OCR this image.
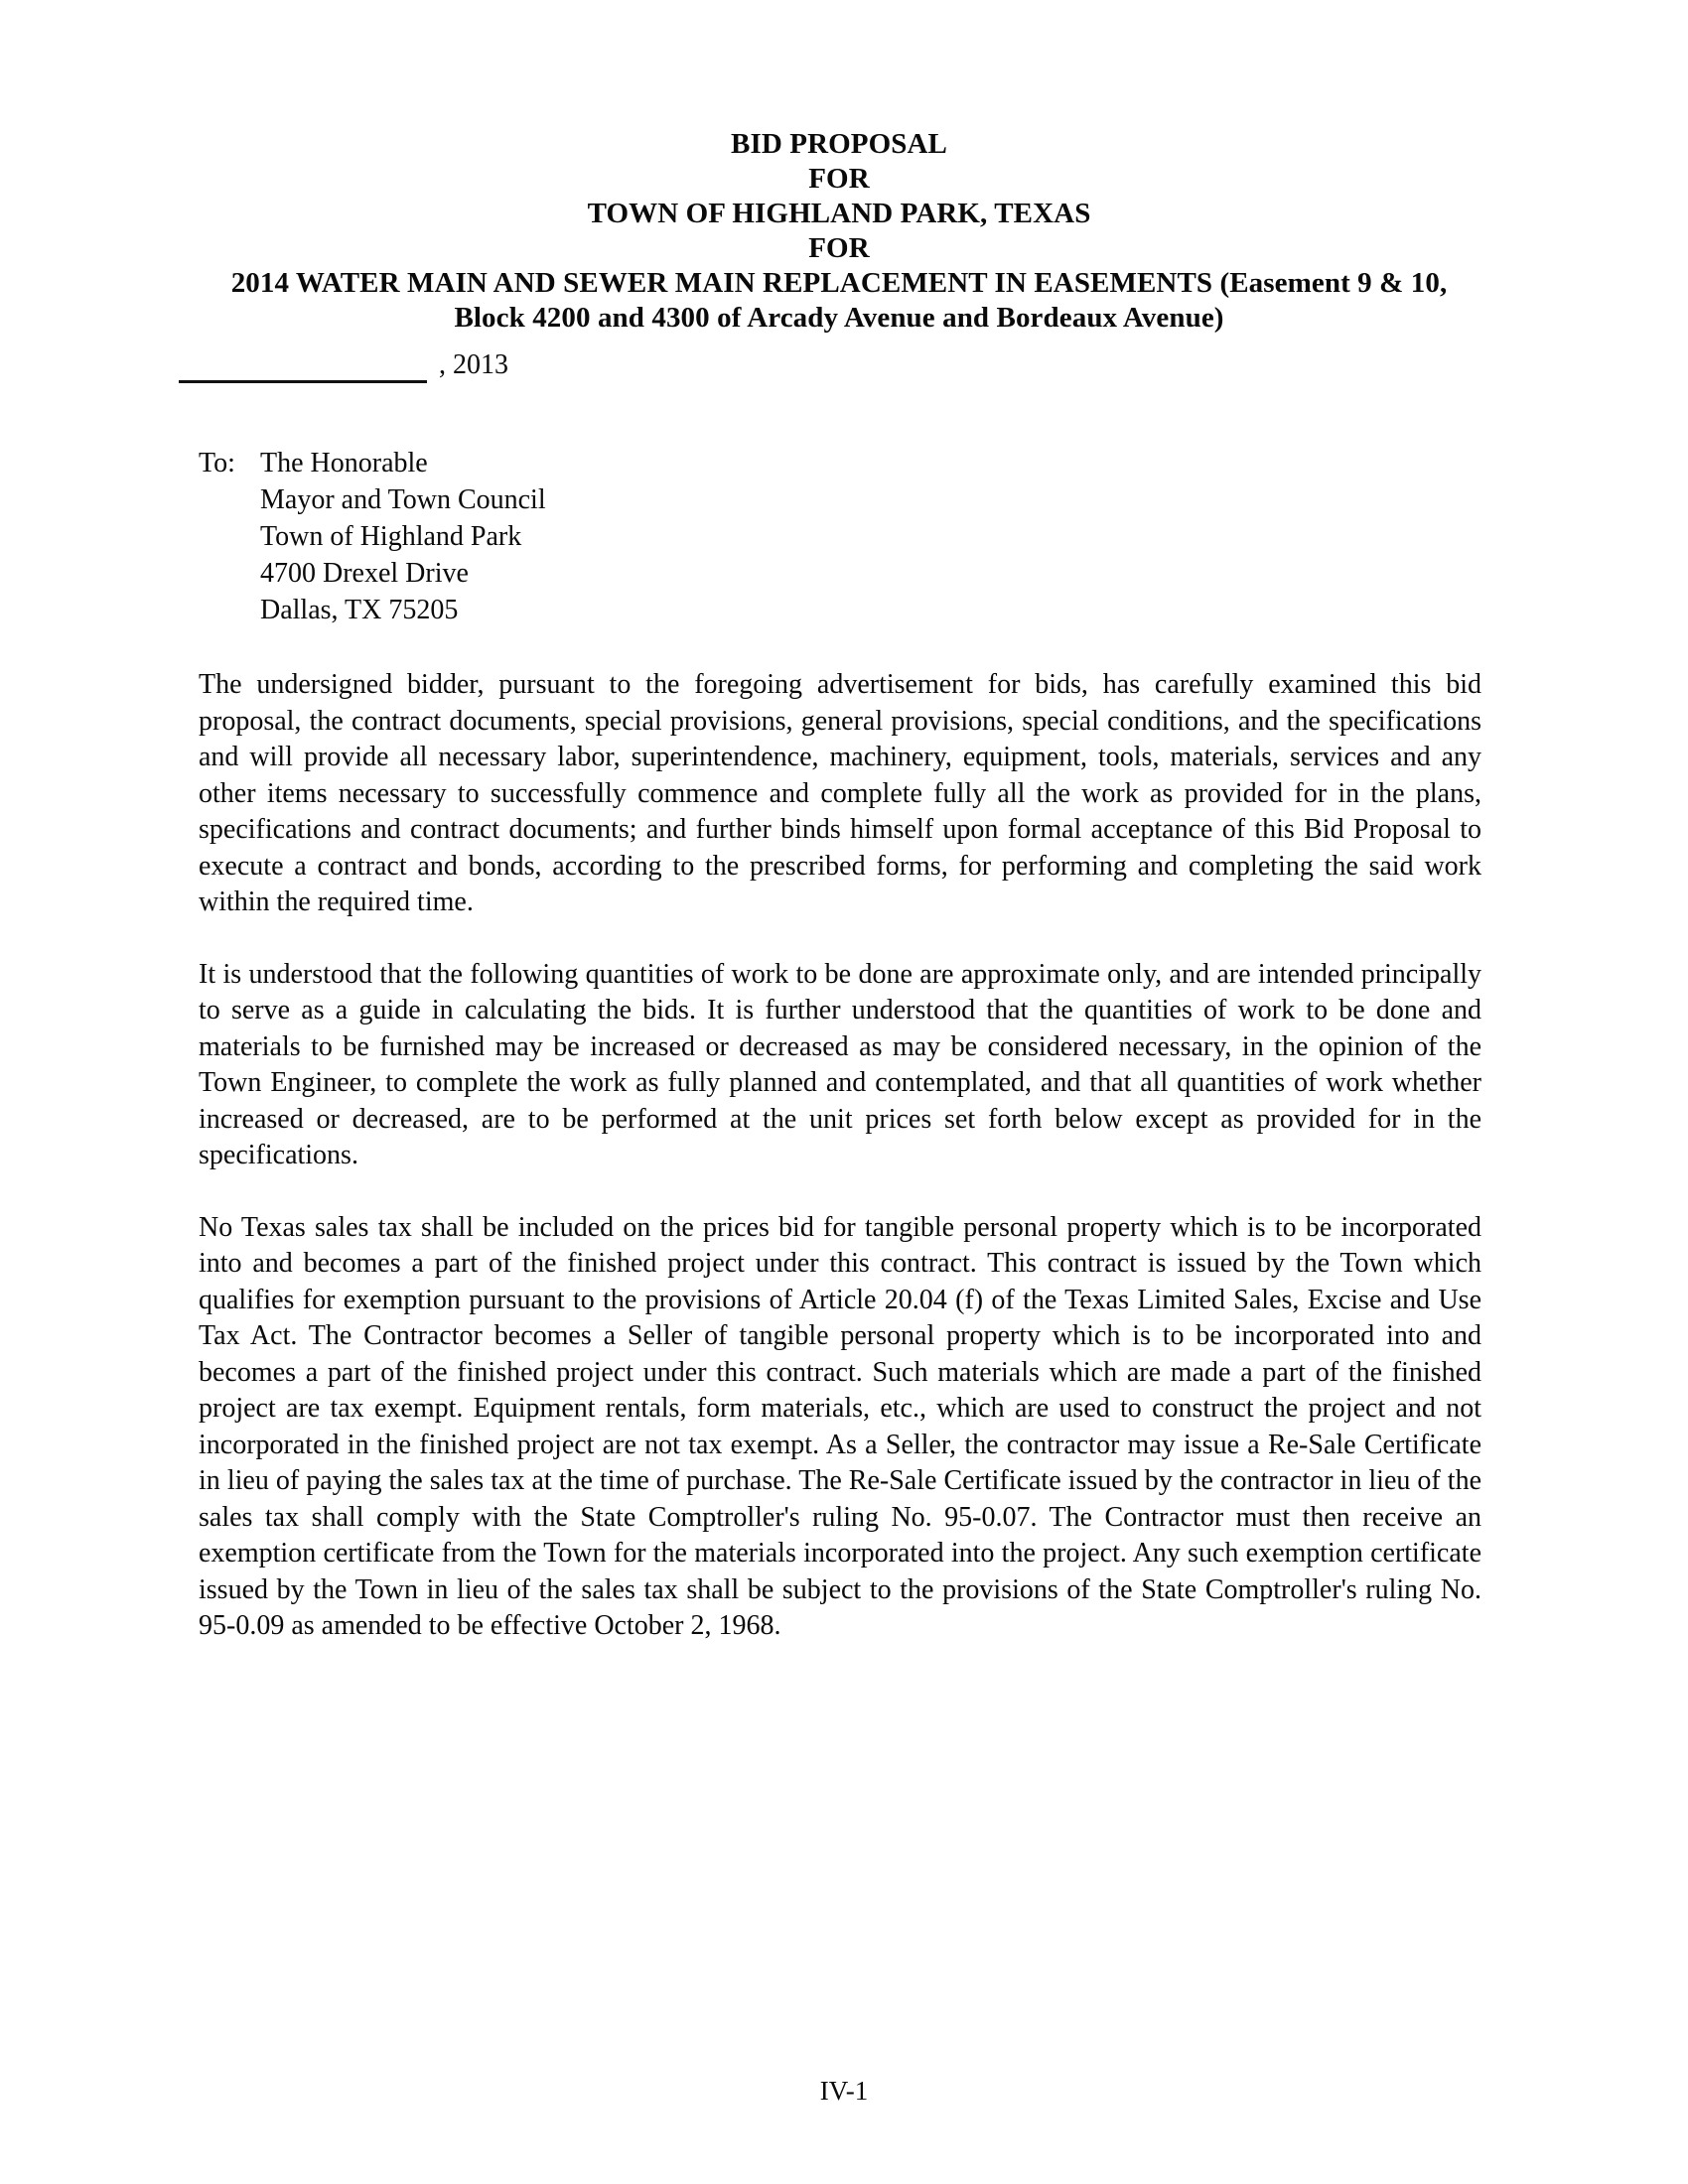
BID PROPOSAL
FOR
TOWN OF HIGHLAND PARK, TEXAS
FOR
2014 WATER MAIN AND SEWER MAIN REPLACEMENT IN EASEMENTS (Easement 9 & 10, Block 4200 and 4300 of Arcady Avenue and Bordeaux Avenue)
, 2013
To: The Honorable
Mayor and Town Council
Town of Highland Park
4700 Drexel Drive
Dallas, TX 75205

The undersigned bidder, pursuant to the foregoing advertisement for bids, has carefully examined this bid proposal, the contract documents, special provisions, general provisions, special conditions, and the specifications and will provide all necessary labor, superintendence, machinery, equipment, tools, materials, services and any other items necessary to successfully commence and complete fully all the work as provided for in the plans, specifications and contract documents; and further binds himself upon formal acceptance of this Bid Proposal to execute a contract and bonds, according to the prescribed forms, for performing and completing the said work within the required time.

It is understood that the following quantities of work to be done are approximate only, and are intended principally to serve as a guide in calculating the bids. It is further understood that the quantities of work to be done and materials to be furnished may be increased or decreased as may be considered necessary, in the opinion of the Town Engineer, to complete the work as fully planned and contemplated, and that all quantities of work whether increased or decreased, are to be performed at the unit prices set forth below except as provided for in the specifications.

No Texas sales tax shall be included on the prices bid for tangible personal property which is to be incorporated into and becomes a part of the finished project under this contract. This contract is issued by the Town which qualifies for exemption pursuant to the provisions of Article 20.04 (f) of the Texas Limited Sales, Excise and Use Tax Act. The Contractor becomes a Seller of tangible personal property which is to be incorporated into and becomes a part of the finished project under this contract. Such materials which are made a part of the finished project are tax exempt. Equipment rentals, form materials, etc., which are used to construct the project and not incorporated in the finished project are not tax exempt. As a Seller, the contractor may issue a Re-Sale Certificate in lieu of paying the sales tax at the time of purchase. The Re-Sale Certificate issued by the contractor in lieu of the sales tax shall comply with the State Comptroller's ruling No. 95-0.07. The Contractor must then receive an exemption certificate from the Town for the materials incorporated into the project. Any such exemption certificate issued by the Town in lieu of the sales tax shall be subject to the provisions of the State Comptroller's ruling No. 95-0.09 as amended to be effective October 2, 1968.

IV-1
